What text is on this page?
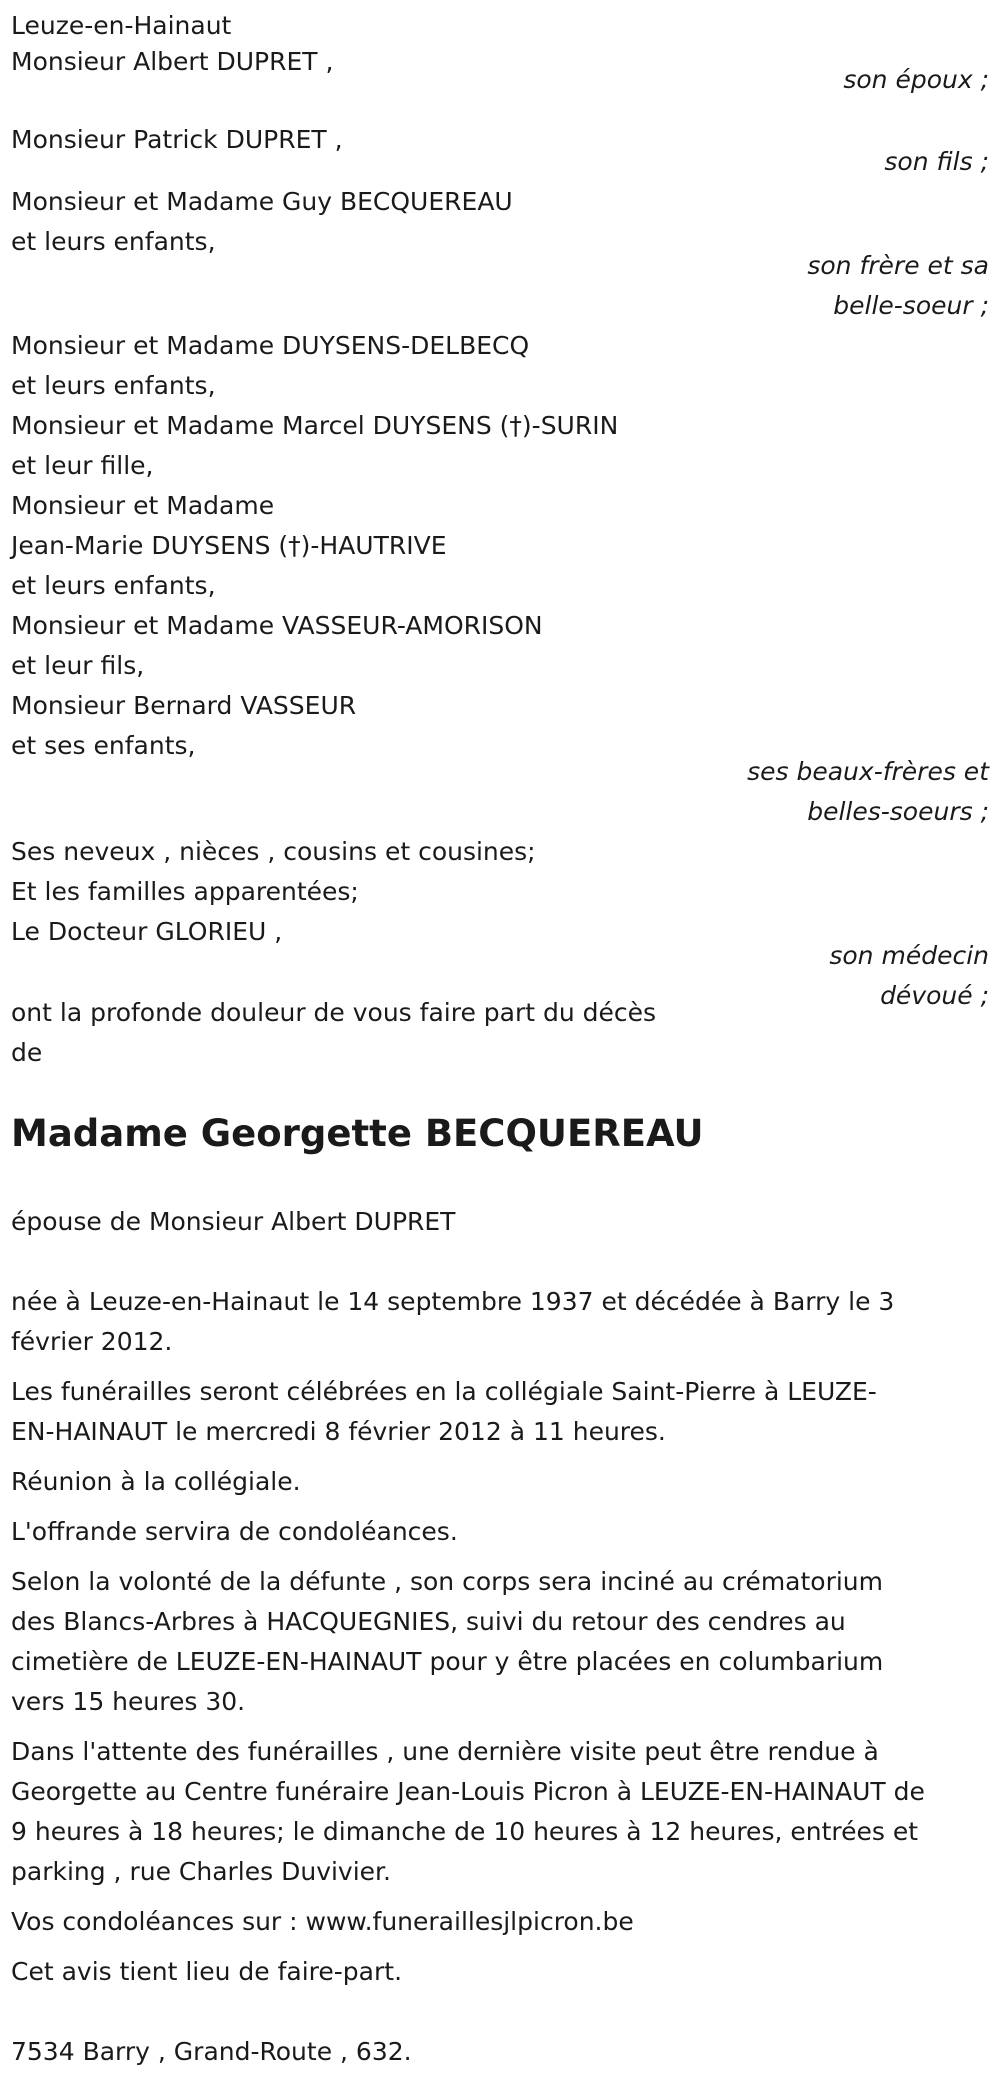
Leuze-en-Hainaut
Monsieur Albert DUPRET ,
son époux ;
Monsieur Patrick DUPRET ,
son fils ;
Monsieur et Madame Guy BECQUEREAU
et leurs enfants,
son frère et sa
belle-soeur ;
Monsieur et Madame DUYSENS-DELBECQ
et leurs enfants,
Monsieur et Madame Marcel DUYSENS (†)-SURIN
et leur fille,
Monsieur et Madame
Jean-Marie DUYSENS (†)-HAUTRIVE
et leurs enfants,
Monsieur et Madame VASSEUR-AMORISON
et leur fils,
Monsieur Bernard VASSEUR
et ses enfants,
ses beaux-frères et
belles-soeurs ;
Ses neveux , nièces , cousins et cousines;
Et les familles apparentées;
Le Docteur GLORIEU ,
son médecin
dévoué ;
ont la profonde douleur de vous faire part du décès
de
Madame Georgette BECQUEREAU
épouse de Monsieur Albert DUPRET
née à Leuze-en-Hainaut le 14 septembre 1937 et décédée à Barry le 3
février 2012.
Les funérailles seront célébrées en la collégiale Saint-Pierre à LEUZE-
EN-HAINAUT le mercredi 8 février 2012 à 11 heures.
Réunion à la collégiale.
L'offrande servira de condoléances.
Selon la volonté de la défunte , son corps sera inciné au crématorium
des Blancs-Arbres à HACQUEGNIES, suivi du retour des cendres au
cimetière de LEUZE-EN-HAINAUT pour y être placées en columbarium
vers 15 heures 30.
Dans l'attente des funérailles , une dernière visite peut être rendue à
Georgette au Centre funéraire Jean-Louis Picron à LEUZE-EN-HAINAUT de
9 heures à 18 heures; le dimanche de 10 heures à 12 heures, entrées et
parking , rue Charles Duvivier.
Vos condoléances sur : www.funeraillesjlpicron.be
Cet avis tient lieu de faire-part.
7534 Barry , Grand-Route , 632.
